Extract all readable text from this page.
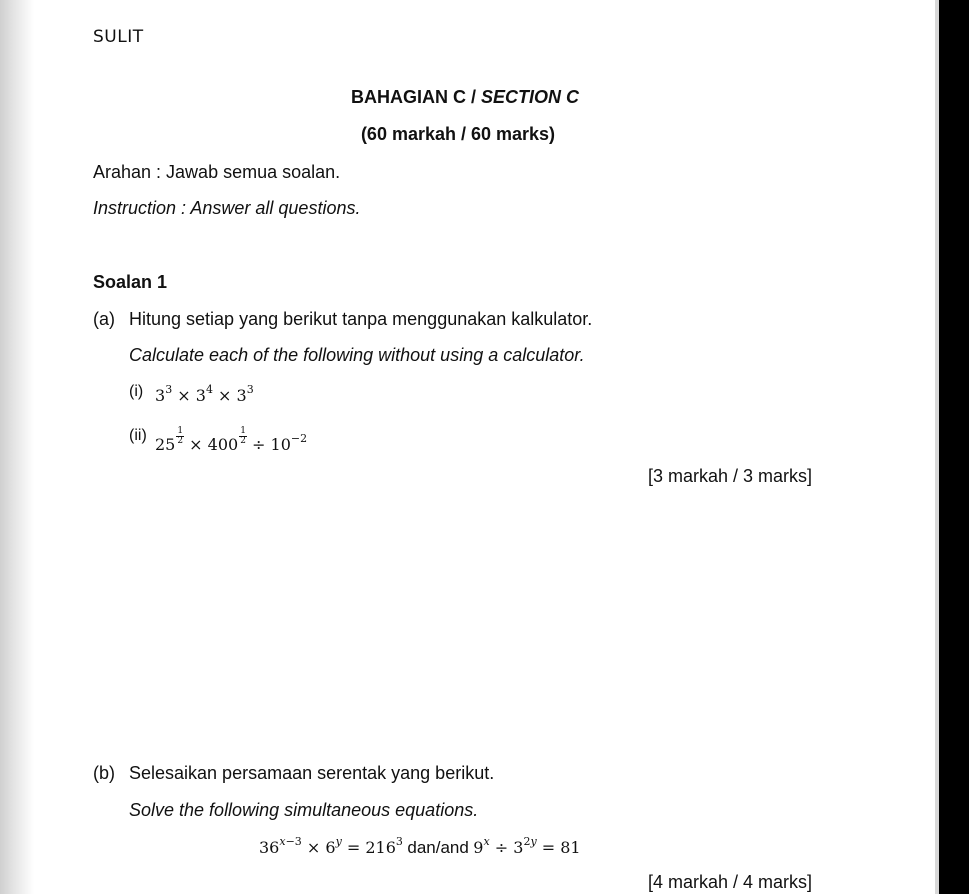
SULIT
BAHAGIAN C / SECTION C
(60 markah / 60 marks)
Arahan : Jawab semua soalan.
Instruction : Answer all questions.
Soalan 1
(a) Hitung setiap yang berikut tanpa menggunakan kalkulator.
Calculate each of the following without using a calculator.
(i) $3^3 \times 3^4 \times 3^3$
(ii) $25 \frac{1}{2} \times 400 \frac{1}{2} \div 10^{-2}$
[3 markah / 3 marks]
(b) Selesaikan persamaan serentak yang berikut.
Solve the following simultaneous equations.
$36^{x-3} \times 6^y = 216^3$ dan/and $9^x \div 3^{2y} = 81$
[4 markah / 4 marks]
